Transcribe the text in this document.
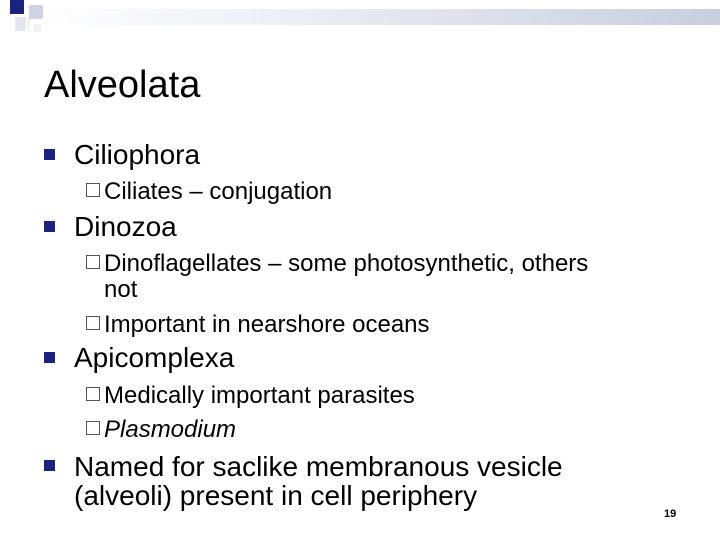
Alveolata
Ciliophora
Ciliates – conjugation
Dinozoa
Dinoflagellates – some photosynthetic, others
not
Important in nearshore oceans
Apicomplexa
Medically important parasites
Plasmodium
Named for saclike membranous vesicle (alveoli) present in cell periphery
19
